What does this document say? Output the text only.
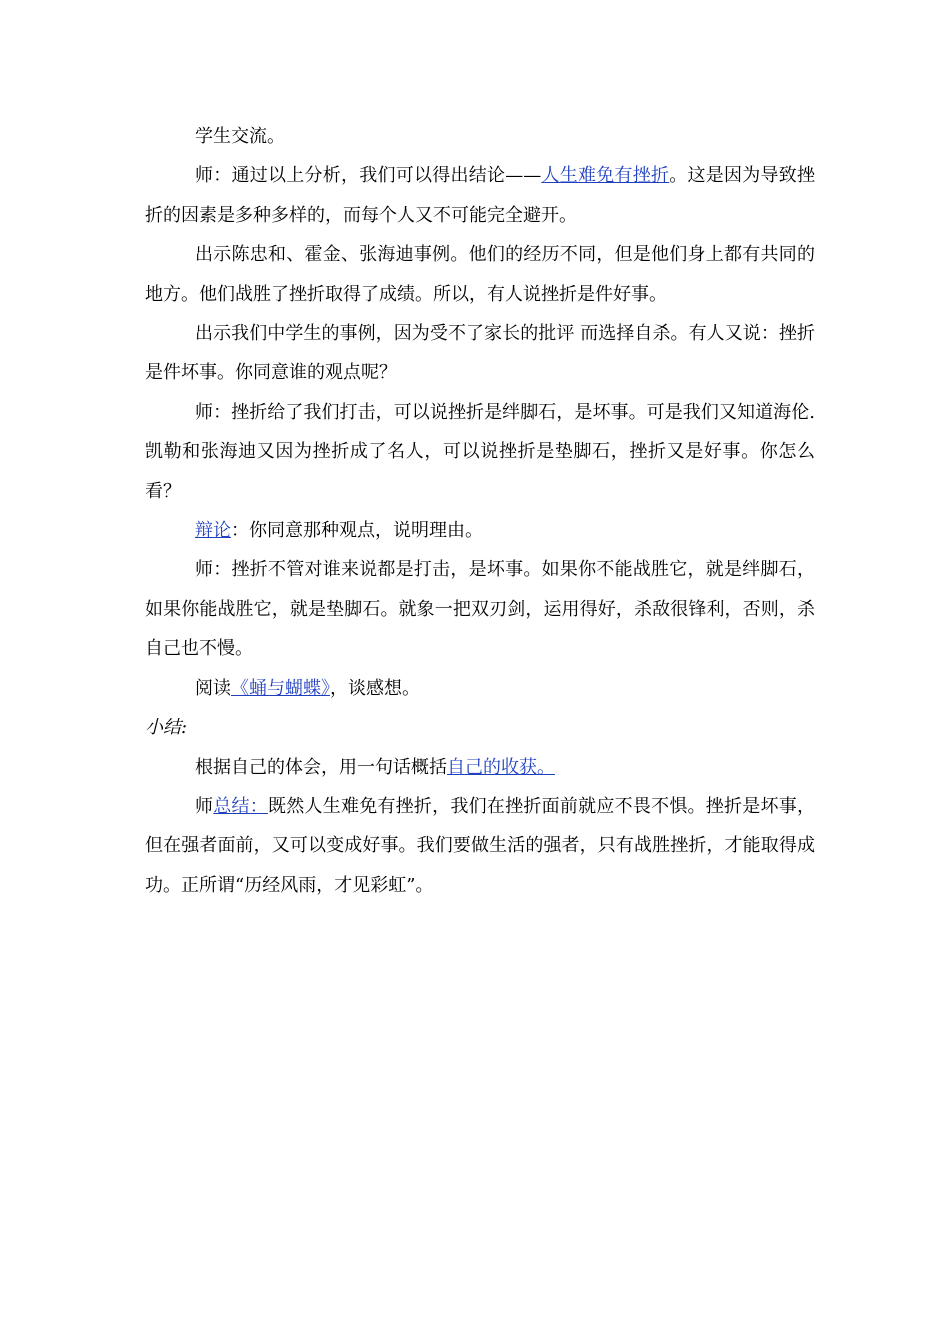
学生交流。

师：通过以上分析，我们可以得出结论——人生难免有挫折。这是因为导致挫折的因素是多种多样的，而每个人又不可能完全避开。

出示陈忠和、霍金、张海迪事例。他们的经历不同，但是他们身上都有共同的地方。他们战胜了挫折取得了成绩。所以，有人说挫折是件好事。

出示我们中学生的事例，因为受不了家长的批评 而选择自杀。有人又说：挫折是件坏事。你同意谁的观点呢？

师：挫折给了我们打击，可以说挫折是绊脚石，是坏事。可是我们又知道海伦.凯勒和张海迪又因为挫折成了名人，可以说挫折是垫脚石，挫折又是好事。你怎么看？

辩论：你同意那种观点，说明理由。

师：挫折不管对谁来说都是打击，是坏事。如果你不能战胜它，就是绊脚石，如果你能战胜它，就是垫脚石。就象一把双刃剑，运用得好，杀敌很锋利，否则，杀自己也不慢。

阅读《蛹与蝴蝶》，谈感想。

小结:

根据自己的体会，用一句话概括自己的收获。

师总结：既然人生难免有挫折，我们在挫折面前就应不畏不惧。挫折是坏事，但在强者面前，又可以变成好事。我们要做生活的强者，只有战胜挫折，才能取得成功。正所谓“历经风雨，才见彩虹”。
